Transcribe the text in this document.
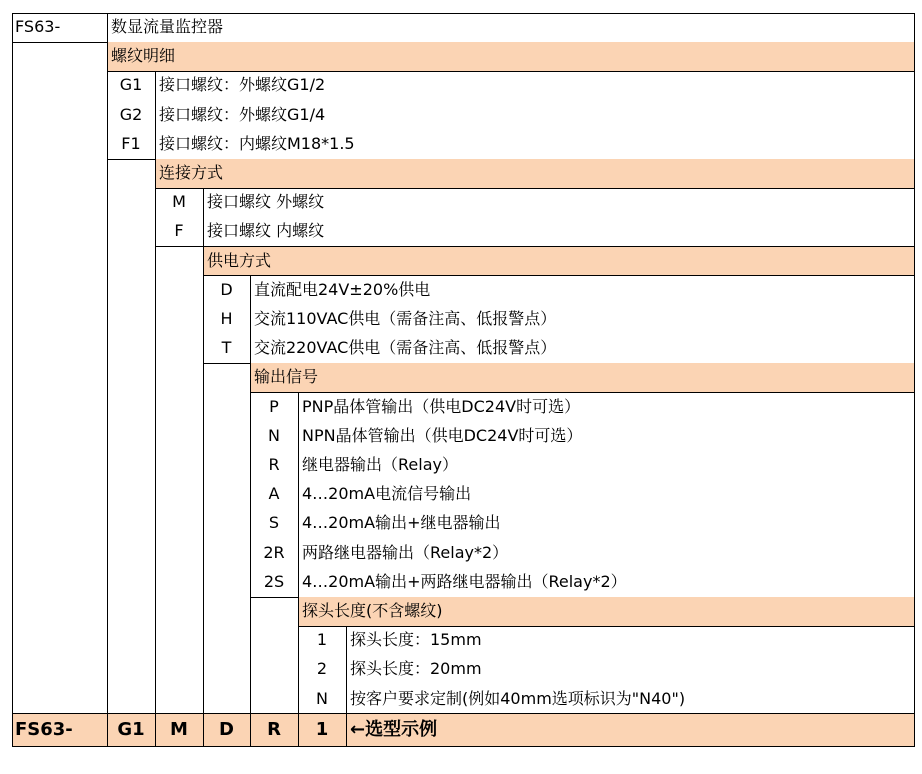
FS63-	数显流量监控器
螺纹明细
G1	接口螺纹：外螺纹G1/2
G2	接口螺纹：外螺纹G1/4
F1	接口螺纹：内螺纹M18*1.5
连接方式
M	接口螺纹 外螺纹
F	接口螺纹 内螺纹
供电方式
D	直流配电24V±20%供电
H	交流110VAC供电（需备注高、低报警点）
T	交流220VAC供电（需备注高、低报警点）
输出信号
P	PNP晶体管输出（供电DC24V时可选）
N	NPN晶体管输出（供电DC24V时可选）
R	继电器输出（Relay）
A	4…20mA电流信号输出
S	4…20mA输出+继电器输出
2R	两路继电器输出（Relay*2）
2S	4…20mA输出+两路继电器输出（Relay*2）
探头长度(不含螺纹)
1	探头长度：15mm
2	探头长度：20mm
N	按客户要求定制(例如40mm选项标识为"N40")
FS63-	G1	M	D	R	1	←选型示例
